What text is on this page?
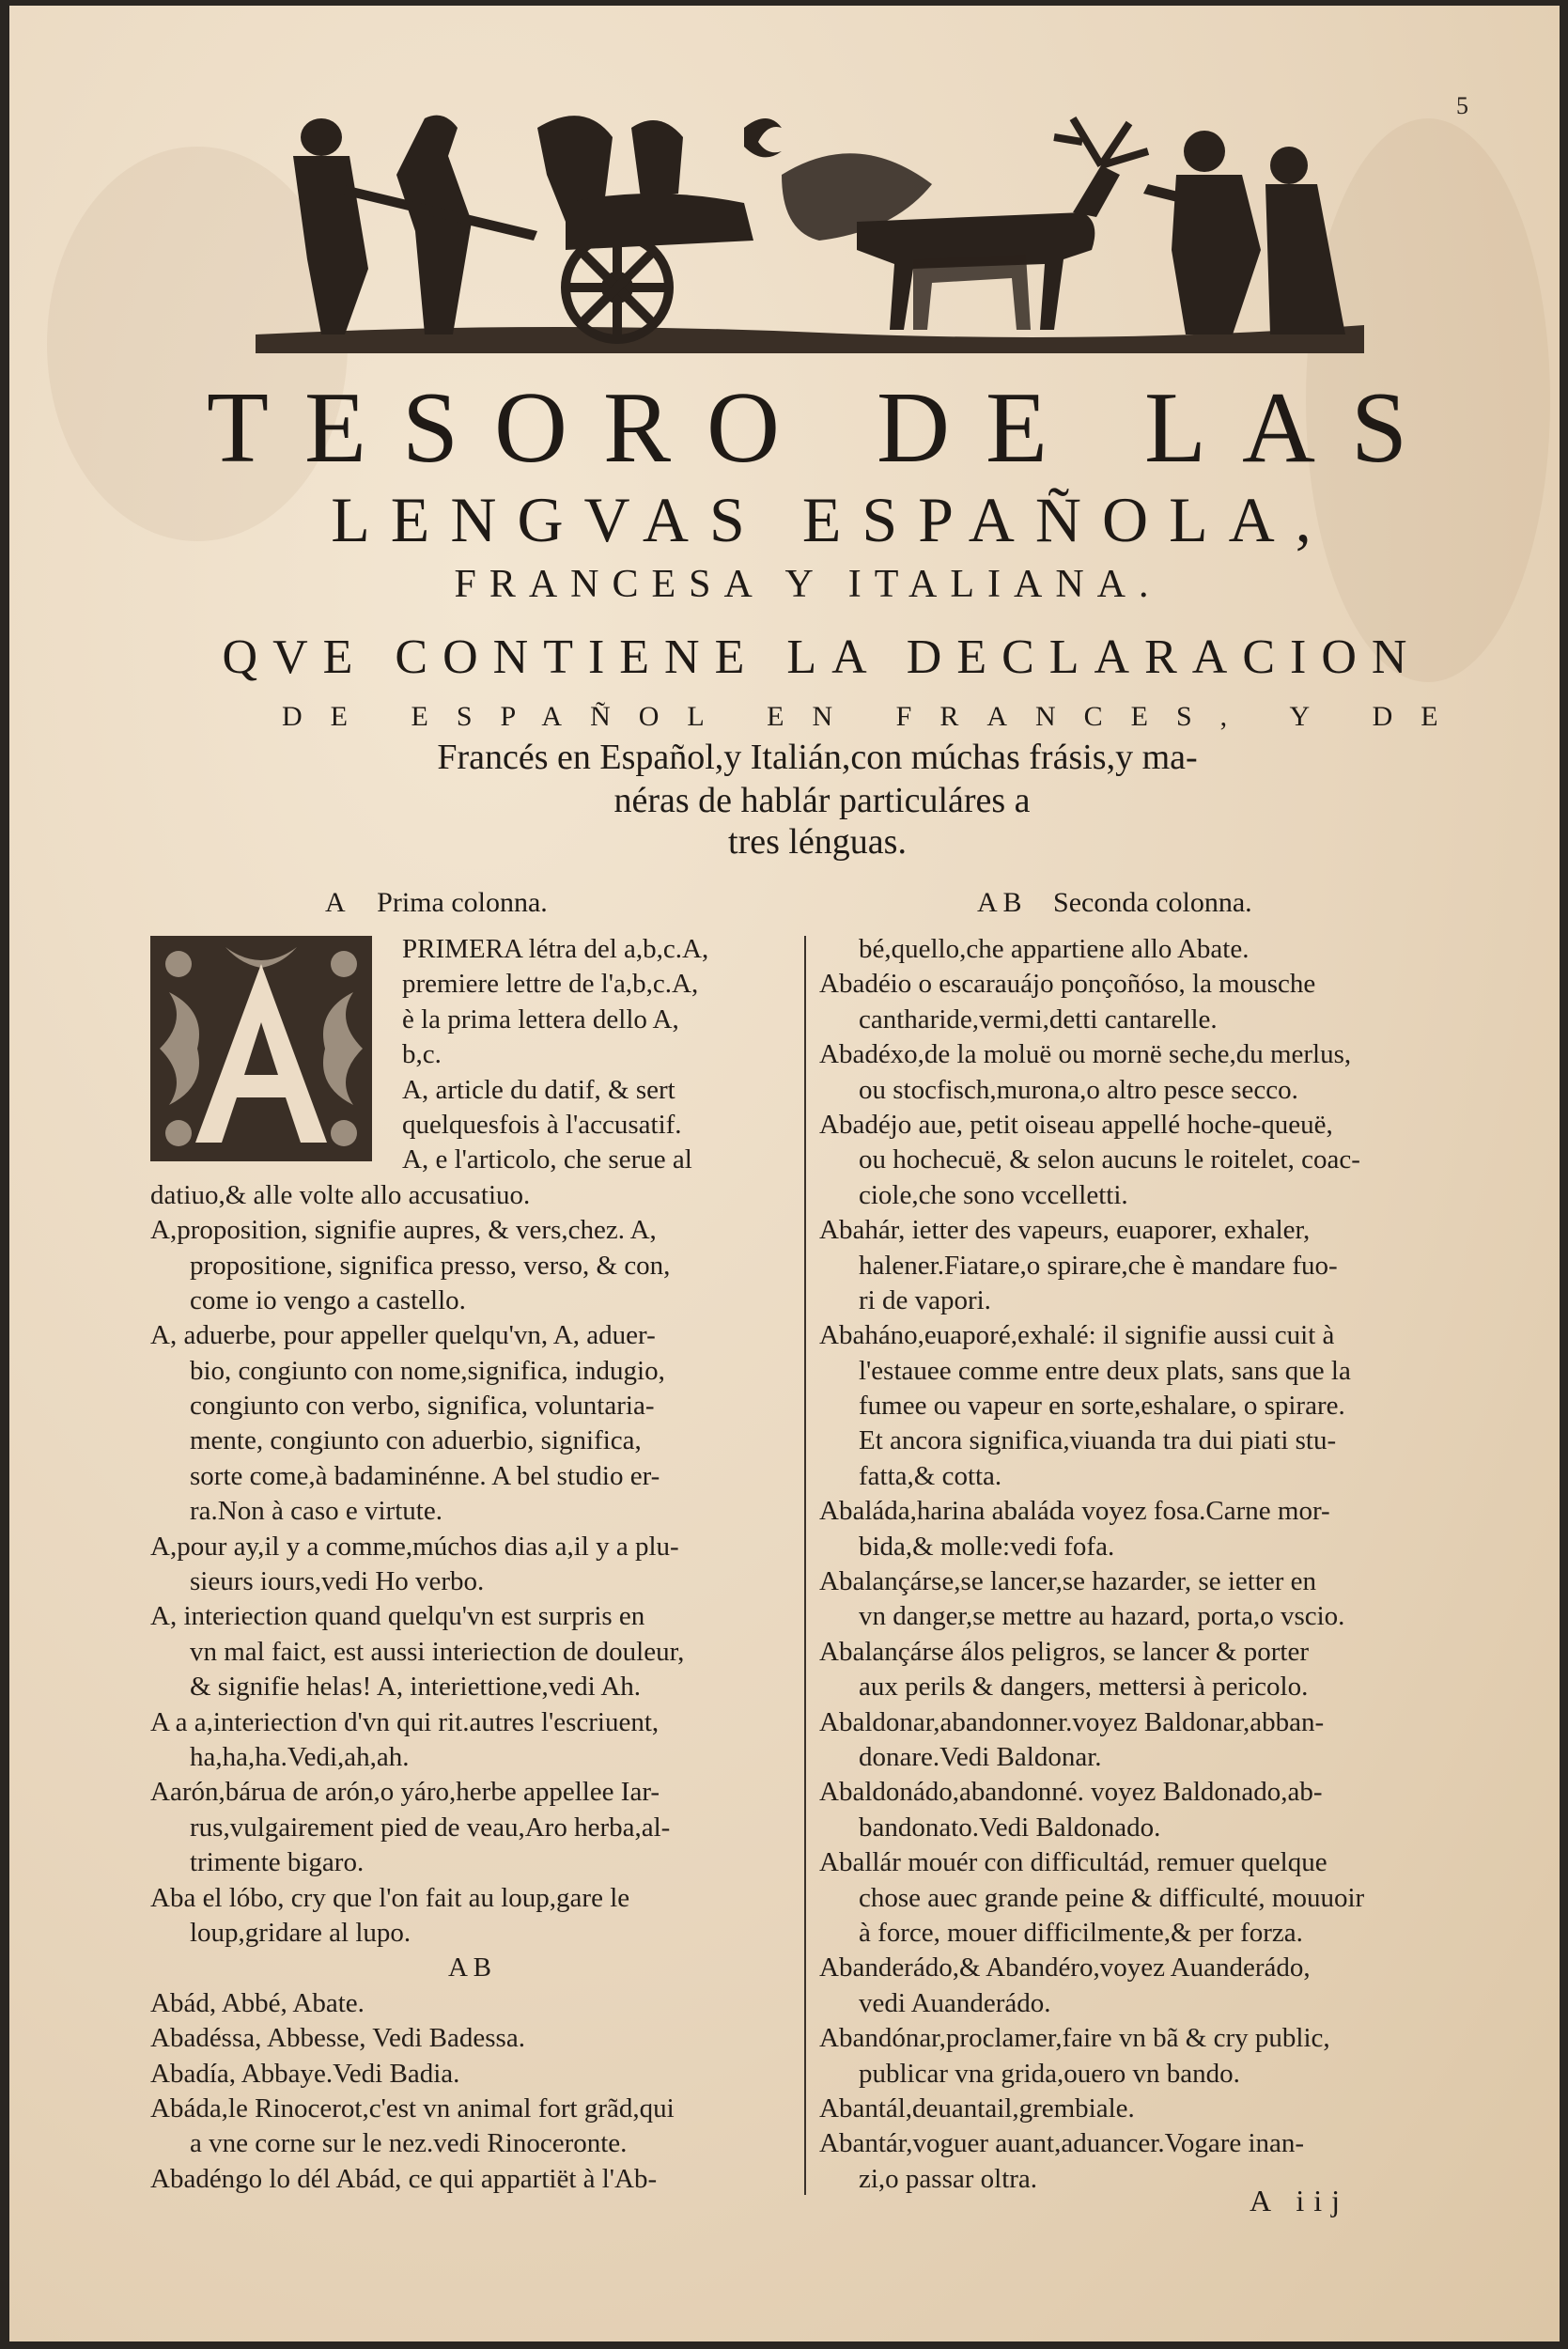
5
TESORO DE LAS
LENGVAS ESPAÑOLA,
FRANCESA Y ITALIANA.
QVE CONTIENE LA DECLARACION
DE ESPAÑOL EN FRANCES, Y DE
Francés en Español,y Italián,con múchas frásis,y ma-
néras de hablár particuláres a
tres lénguas.
A Prima colonna.	A B Seconda colonna.
PRIMERA létra del a,b,c.A,
premiere lettre de l'a,b,c.A,
è la prima lettera dello A,
b,c.
A, article du datif, & sert
quelquesfois à l'accusatif.
A, e l'articolo, che serue al
datiuo,& alle volte allo accusatiuo.
A,proposition, signifie aupres, & vers,chez. A,
propositione, significa presso, verso, & con,
come io vengo a castello.
A, aduerbe, pour appeller quelqu'vn, A, aduer-
bio, congiunto con nome,significa, indugio,
congiunto con verbo, significa, voluntaria-
mente, congiunto con aduerbio, significa,
sorte come,à badaminénne. A bel studio er-
ra.Non à caso e virtute.
A,pour ay,il y a comme,múchos dias a,il y a plu-
sieurs iours,vedi Ho verbo.
A, interiection quand quelqu'vn est surpris en
vn mal faict, est aussi interiection de douleur,
& signifie helas! A, interiettione,vedi Ah.
A a a,interiection d'vn qui rit.autres l'escriuent,
ha,ha,ha.Vedi,ah,ah.
Aarón,bárua de arón,o yáro,herbe appellee Iar-
rus,vulgairement pied de veau,Aro herba,al-
trimente bigaro.
Aba el lóbo, cry que l'on fait au loup,gare le
loup,gridare al lupo.
A B
Abád, Abbé, Abate.
Abadéssa, Abbesse, Vedi Badessa.
Abadía, Abbaye.Vedi Badia.
Abáda,le Rinocerot,c'est vn animal fort grãd,qui
a vne corne sur le nez.vedi Rinoceronte.
Abadéngo lo dél Abád, ce qui appartiët à l'Ab-
bé,quello,che appartiene allo Abate.
Abadéio o escarauájo ponçoñóso, la mousche
cantharide,vermi,detti cantarelle.
Abadéxo,de la moluë ou mornë seche,du merlus,
ou stocfisch,murona,o altro pesce secco.
Abadéjo aue, petit oiseau appellé hoche-queuë,
ou hochecuë, & selon aucuns le roitelet, coac-
ciole,che sono vccelletti.
Abahár, ietter des vapeurs, euaporer, exhaler,
halener.Fiatare,o spirare,che è mandare fuo-
ri de vapori.
Abaháno,euaporé,exhalé: il signifie aussi cuit à
l'estauee comme entre deux plats, sans que la
fumee ou vapeur en sorte,eshalare, o spirare.
Et ancora significa,viuanda tra dui piati stu-
fatta,& cotta.
Abaláda,harina abaláda voyez fosa.Carne mor-
bida,& molle:vedi fofa.
Abalançárse,se lancer,se hazarder, se ietter en
vn danger,se mettre au hazard, porta,o vscio.
Abalançárse álos peligros, se lancer & porter
aux perils & dangers, mettersi à pericolo.
Abaldonar,abandonner.voyez Baldonar,abban-
donare.Vedi Baldonar.
Abaldonádo,abandonné. voyez Baldonado,ab-
bandonato.Vedi Baldonado.
Aballár mouér con difficultád, remuer quelque
chose auec grande peine & difficulté, mouuoir
à force, mouer difficilmente,& per forza.
Abanderádo,& Abandéro,voyez Auanderádo,
vedi Auanderádo.
Abandónar,proclamer,faire vn bã & cry public,
publicar vna grida,ouero vn bando.
Abantál,deuantail,grembiale.
Abantár,voguer auant,aduancer.Vogare inan-
zi,o passar oltra.
A iij
